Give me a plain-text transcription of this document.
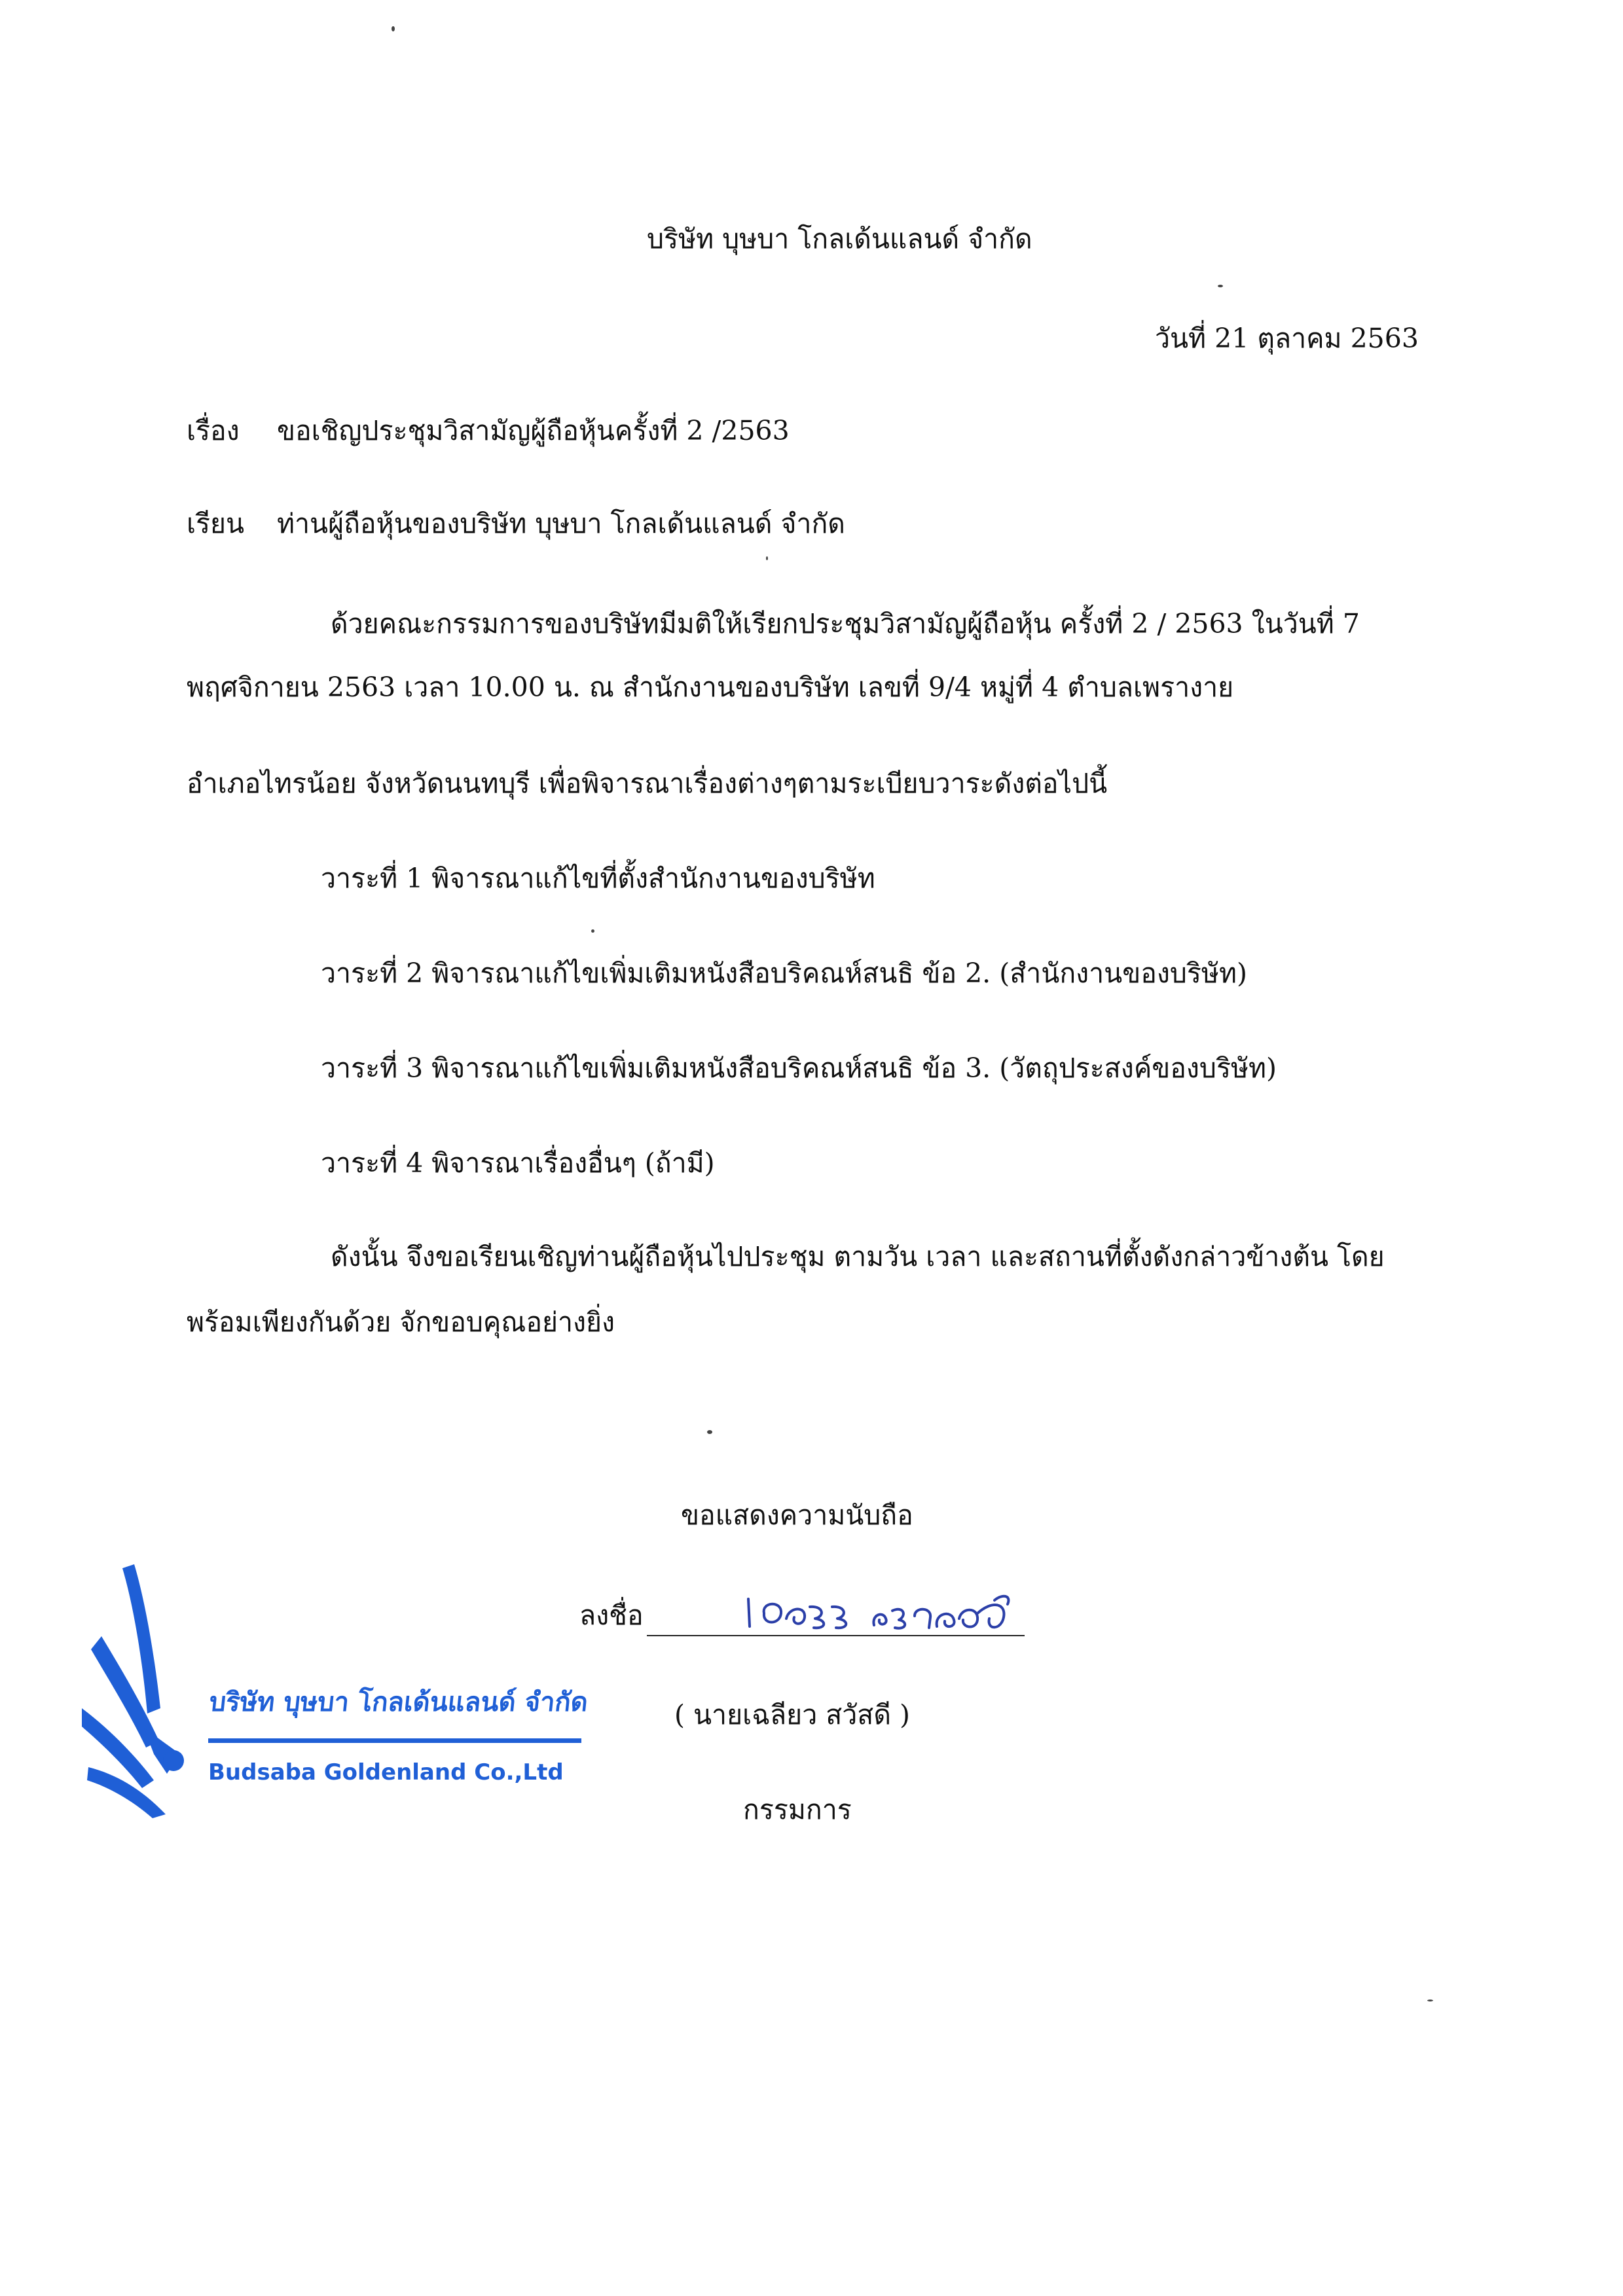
บริษัท บุษบา โกลเด้นแลนด์ จำกัด
วันที่ 21 ตุลาคม 2563
เรื่อง ขอเชิญประชุมวิสามัญผู้ถือหุ้นครั้งที่ 2 /2563
เรียน ท่านผู้ถือหุ้นของบริษัท บุษบา โกลเด้นแลนด์ จำกัด
ด้วยคณะกรรมการของบริษัทมีมติให้เรียกประชุมวิสามัญผู้ถือหุ้น ครั้งที่ 2 / 2563 ในวันที่ 7
พฤศจิกายน 2563 เวลา 10.00 น. ณ สำนักงานของบริษัท เลขที่ 9/4 หมู่ที่ 4 ตำบลเพรางาย
อำเภอไทรน้อย จังหวัดนนทบุรี เพื่อพิจารณาเรื่องต่างๆตามระเบียบวาระดังต่อไปนี้
วาระที่ 1 พิจารณาแก้ไขที่ตั้งสำนักงานของบริษัท
วาระที่ 2 พิจารณาแก้ไขเพิ่มเติมหนังสือบริคณห์สนธิ ข้อ 2. (สำนักงานของบริษัท)
วาระที่ 3 พิจารณาแก้ไขเพิ่มเติมหนังสือบริคณห์สนธิ ข้อ 3. (วัตถุประสงค์ของบริษัท)
วาระที่ 4 พิจารณาเรื่องอื่นๆ (ถ้ามี)
ดังนั้น จึงขอเรียนเชิญท่านผู้ถือหุ้นไปประชุม ตามวัน เวลา และสถานที่ตั้งดังกล่าวข้างต้น โดย
พร้อมเพียงกันด้วย จักขอบคุณอย่างยิ่ง
ขอแสดงความนับถือ
ลงชื่อ
( นายเฉลียว สวัสดี )
กรรมการ
บริษัท บุษบา โกลเด้นแลนด์ จำกัด
Budsaba Goldenland Co.,Ltd
